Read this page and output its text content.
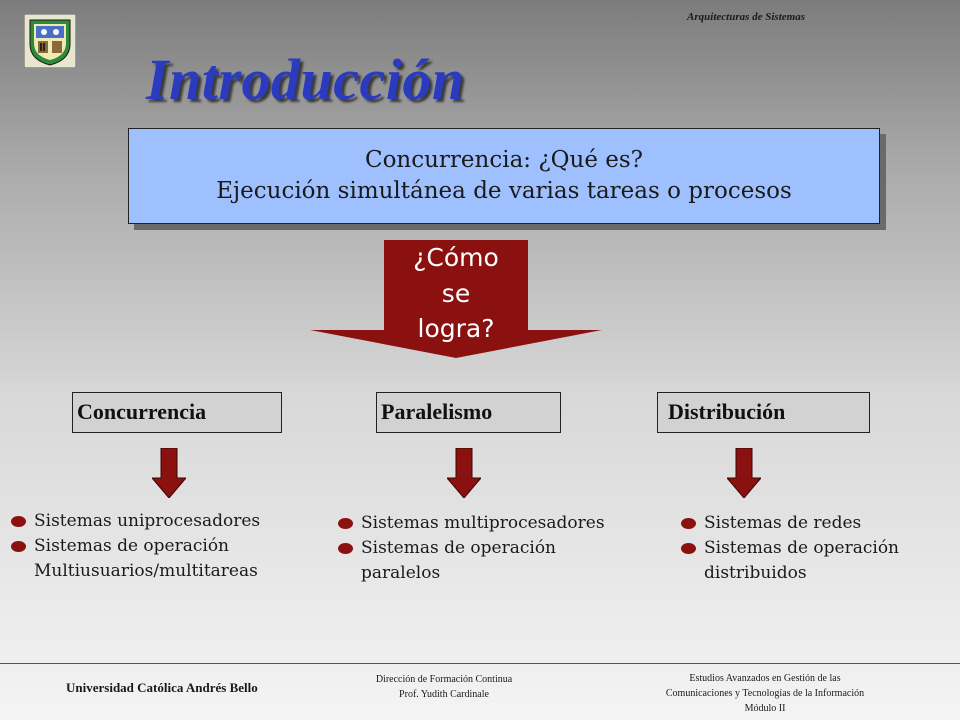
Arquitecturas de Sistemas
Introducción
Concurrencia: ¿Qué es?
Ejecución simultánea de varias tareas o procesos
¿Cómo
se
logra?
Concurrencia	Paralelismo	Distribución
Sistemas uniprocesadores
Sistemas de operación
Multiusuarios/multitareas
Sistemas multiprocesadores
Sistemas de operación
paralelos
Sistemas de redes
Sistemas de operación
distribuidos
Universidad Católica Andrés Bello
Dirección de Formación Continua
Prof. Yudith Cardinale
Estudios Avanzados en Gestión de las
Comunicaciones y Tecnologías de la Información
Módulo II
